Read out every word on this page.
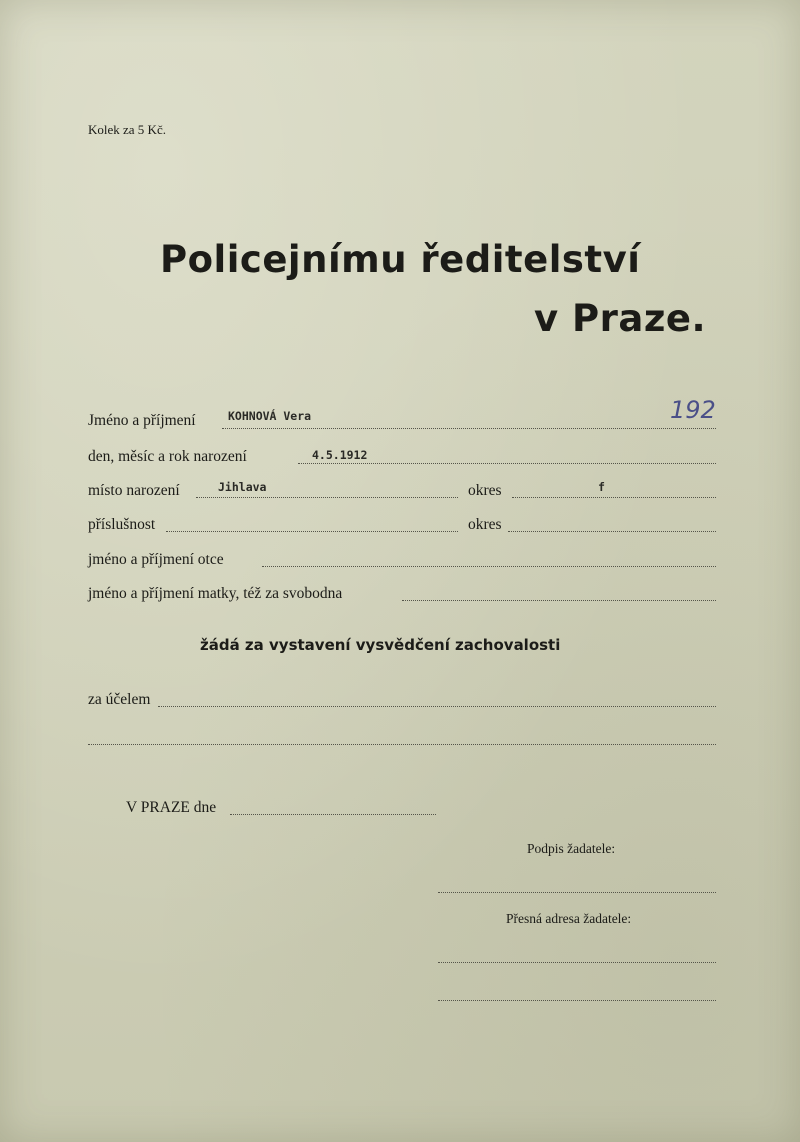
Kolek za 5 Kč.
Policejnímu ředitelství
v Praze.
Jméno a příjmení	KOHNOVÁ Vera	192
den, měsíc a rok narození	4.5.1912
místo narození	Jihlava	okres	f
příslušnost	okres
jméno a příjmení otce
jméno a příjmení matky, též za svobodna
žádá za vystavení vysvědčení zachovalosti
za účelem
V PRAZE dne
Podpis žadatele:
Přesná adresa žadatele:
